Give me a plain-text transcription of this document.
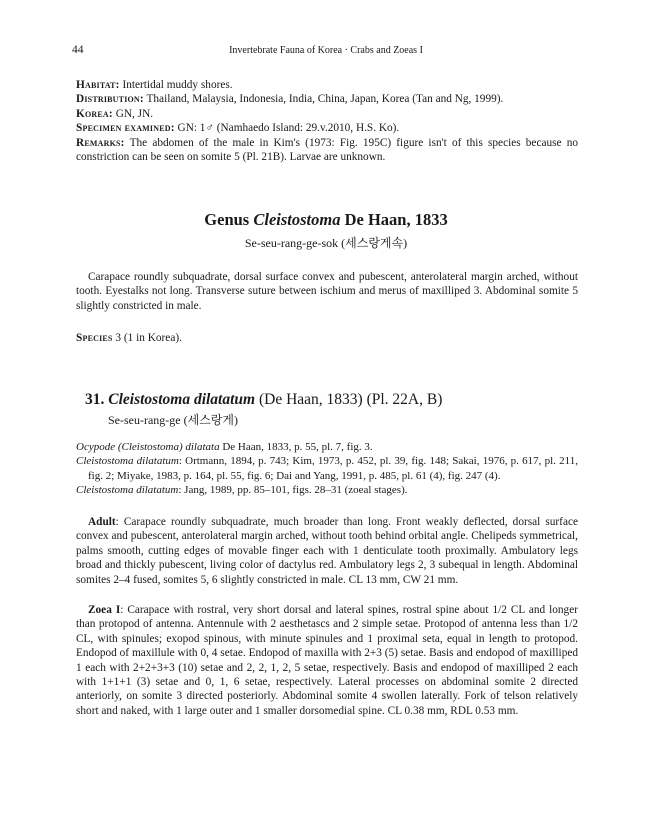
44	Invertebrate Fauna of Korea · Crabs and Zoeas I

Habitat: Intertidal muddy shores.

Distribution: Thailand, Malaysia, Indonesia, India, China, Japan, Korea (Tan and Ng, 1999).

Korea: GN, JN.

Specimen examined: GN: 1♂ (Namhaedo Island: 29.v.2010, H.S. Ko).

Remarks: The abdomen of the male in Kim's (1973: Fig. 195C) figure isn't of this species because no constriction can be seen on somite 5 (Pl. 21B). Larvae are unknown.

Genus Cleistostoma De Haan, 1833
Se-seu-rang-ge-sok (세스랑게속)

Carapace roundly subquadrate, dorsal surface convex and pubescent, anterolateral margin arched, without tooth. Eyestalks not long. Transverse suture between ischium and merus of maxilliped 3. Abdominal somite 5 slightly constricted in male.

Species 3 (1 in Korea).

31. Cleistostoma dilatatum (De Haan, 1833) (Pl. 22A, B)
Se-seu-rang-ge (세스랑게)

Ocypode (Cleistostoma) dilatata De Haan, 1833, p. 55, pl. 7, fig. 3.

Cleistostoma dilatatum: Ortmann, 1894, p. 743; Kim, 1973, p. 452, pl. 39, fig. 148; Sakai, 1976, p. 617, pl. 211, fig. 2; Miyake, 1983, p. 164, pl. 55, fig. 6; Dai and Yang, 1991, p. 485, pl. 61 (4), fig. 247 (4).

Cleistostoma dilatatum: Jang, 1989, pp. 85–101, figs. 28–31 (zoeal stages).

Adult: Carapace roundly subquadrate, much broader than long. Front weakly deflected, dorsal surface convex and pubescent, anterolateral margin arched, without tooth behind orbital angle. Chelipeds symmetrical, palms smooth, cutting edges of movable finger each with 1 denticulate tooth proximally. Ambulatory legs broad and thickly pubescent, living color of dactylus red. Ambulatory legs 2, 3 subequal in length. Abdominal somites 2–4 fused, somites 5, 6 slightly constricted in male. CL 13 mm, CW 21 mm.

Zoea I: Carapace with rostral, very short dorsal and lateral spines, rostral spine about 1/2 CL and longer than protopod of antenna. Antennule with 2 aesthetascs and 2 simple setae. Protopod of antenna less than 1/2 CL, with spinules; exopod spinous, with minute spinules and 1 proximal seta, equal in length to protopod. Endopod of maxillule with 0, 4 setae. Endopod of maxilla with 2+3 (5) setae. Basis and endopod of maxilliped 1 each with 2+2+3+3 (10) setae and 2, 2, 1, 2, 5 setae, respectively. Basis and endopod of maxilliped 2 each with 1+1+1 (3) setae and 0, 1, 6 setae, respectively. Lateral processes on abdominal somite 2 directed anteriorly, on somite 3 directed posteriorly. Abdominal somite 4 swollen laterally. Fork of telson relatively short and naked, with 1 large outer and 1 smaller dorsomedial spine. CL 0.38 mm, RDL 0.53 mm.
